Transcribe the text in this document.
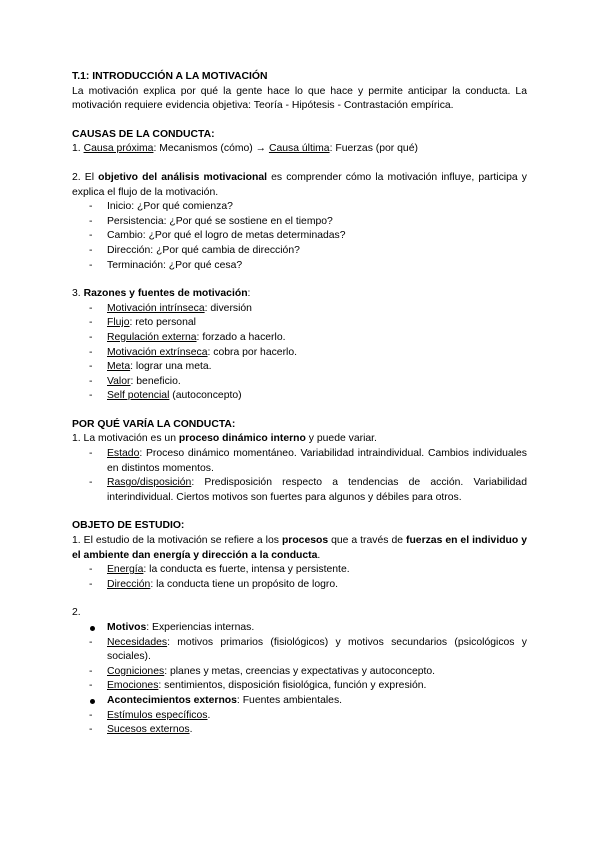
T.1: INTRODUCCIÓN A LA MOTIVACIÓN

La motivación explica por qué la gente hace lo que hace y permite anticipar la conducta. La motivación requiere evidencia objetiva: Teoría - Hipótesis - Contrastación empírica.

CAUSAS DE LA CONDUCTA:

1. Causa próxima: Mecanismos (cómo) → Causa última: Fuerzas (por qué)

2. El objetivo del análisis motivacional es comprender cómo la motivación influye, participa y explica el flujo de la motivación.

- Inicio: ¿Por qué comienza?
- Persistencia: ¿Por qué se sostiene en el tiempo?
- Cambio: ¿Por qué el logro de metas determinadas?
- Dirección: ¿Por qué cambia de dirección?
- Terminación: ¿Por qué cesa?

3. Razones y fuentes de motivación:

- Motivación intrínseca: diversión
- Flujo: reto personal
- Regulación externa: forzado a hacerlo.
- Motivación extrínseca: cobra por hacerlo.
- Meta: lograr una meta.
- Valor: beneficio.
- Self potencial (autoconcepto)

POR QUÉ VARÍA LA CONDUCTA:

1. La motivación es un proceso dinámico interno y puede variar.

- Estado: Proceso dinámico momentáneo. Variabilidad intraindividual. Cambios individuales en distintos momentos.
- Rasgo/disposición: Predisposición respecto a tendencias de acción. Variabilidad interindividual. Ciertos motivos son fuertes para algunos y débiles para otros.

OBJETO DE ESTUDIO:

1. El estudio de la motivación se refiere a los procesos que a través de fuerzas en el individuo y el ambiente dan energía y dirección a la conducta.

- Energía: la conducta es fuerte, intensa y persistente.
- Dirección: la conducta tiene un propósito de logro.

2.

Motivos: Experiencias internas.
- Necesidades: motivos primarios (fisiológicos) y motivos secundarios (psicológicos y sociales).
- Cogniciones: planes y metas, creencias y expectativas y autoconcepto.
- Emociones: sentimientos, disposición fisiológica, función y expresión.
Acontecimientos externos: Fuentes ambientales.
- Estímulos específicos.
- Sucesos externos.
